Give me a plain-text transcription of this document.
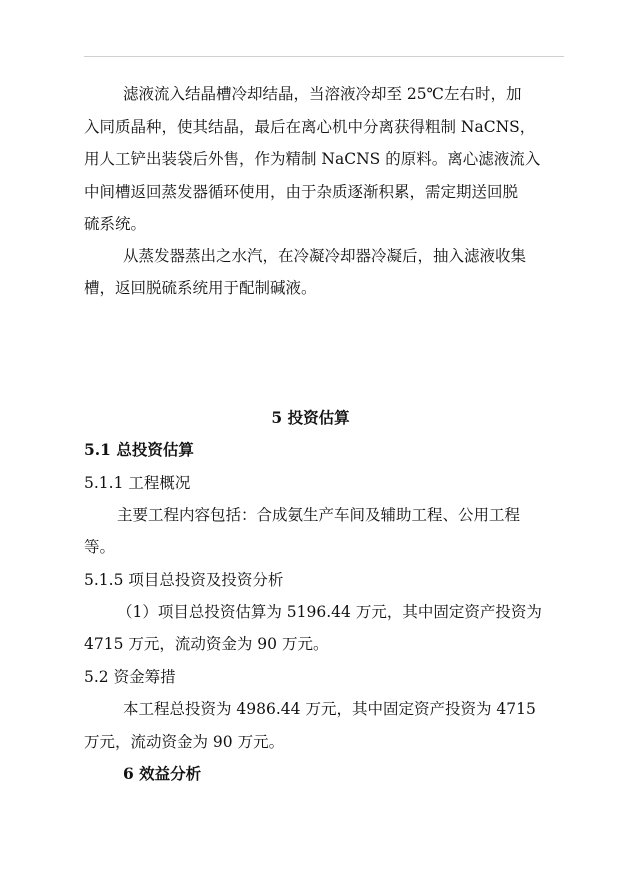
滤液流入结晶槽冷却结晶，当溶液冷却至 25℃左右时，加
入同质晶种，使其结晶，最后在离心机中分离获得粗制 NaCNS，
用人工铲出装袋后外售，作为精制 NaCNS 的原料。离心滤液流入
中间槽返回蒸发器循环使用，由于杂质逐渐积累，需定期送回脱
硫系统。
从蒸发器蒸出之水汽，在冷凝冷却器冷凝后，抽入滤液收集
槽，返回脱硫系统用于配制碱液。
5 投资估算
5.1 总投资估算
5.1.1 工程概况
主要工程内容包括：合成氨生产车间及辅助工程、公用工程
等。
5.1.5 项目总投资及投资分析
（1）项目总投资估算为 5196.44 万元，其中固定资产投资为
4715 万元，流动资金为 90 万元。
5.2 资金筹措
本工程总投资为 4986.44 万元，其中固定资产投资为 4715
万元，流动资金为 90 万元。
6 效益分析
